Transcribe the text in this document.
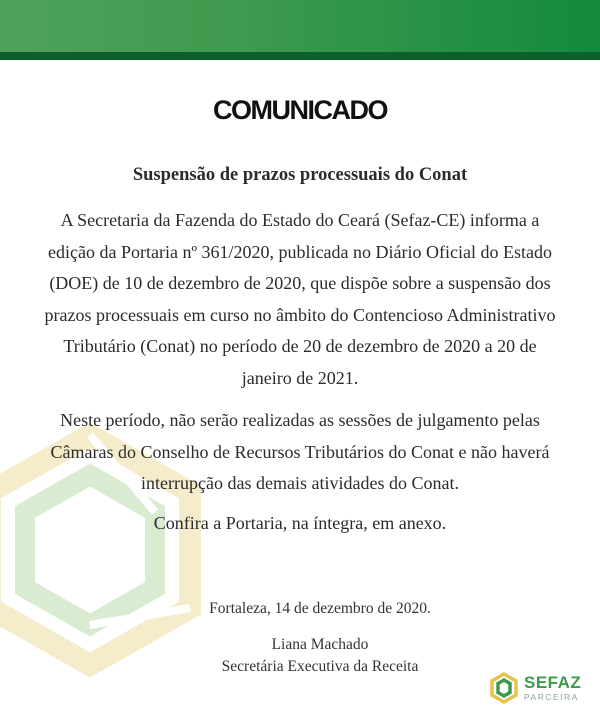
COMUNICADO
Suspensão de prazos processuais do Conat

A Secretaria da Fazenda do Estado do Ceará (Sefaz-CE) informa a edição da Portaria nº 361/2020, publicada no Diário Oficial do Estado (DOE) de 10 de dezembro de 2020, que dispõe sobre a suspensão dos prazos processuais em curso no âmbito do Contencioso Administrativo Tributário (Conat) no período de 20 de dezembro de 2020 a 20 de janeiro de 2021.

Neste período, não serão realizadas as sessões de julgamento pelas Câmaras do Conselho de Recursos Tributários do Conat e não haverá interrupção das demais atividades do Conat.

Confira a Portaria, na íntegra, em anexo.

Fortaleza, 14 de dezembro de 2020.
Liana Machado
Secretária Executiva da Receita
SEFAZ
PARCEIRA
